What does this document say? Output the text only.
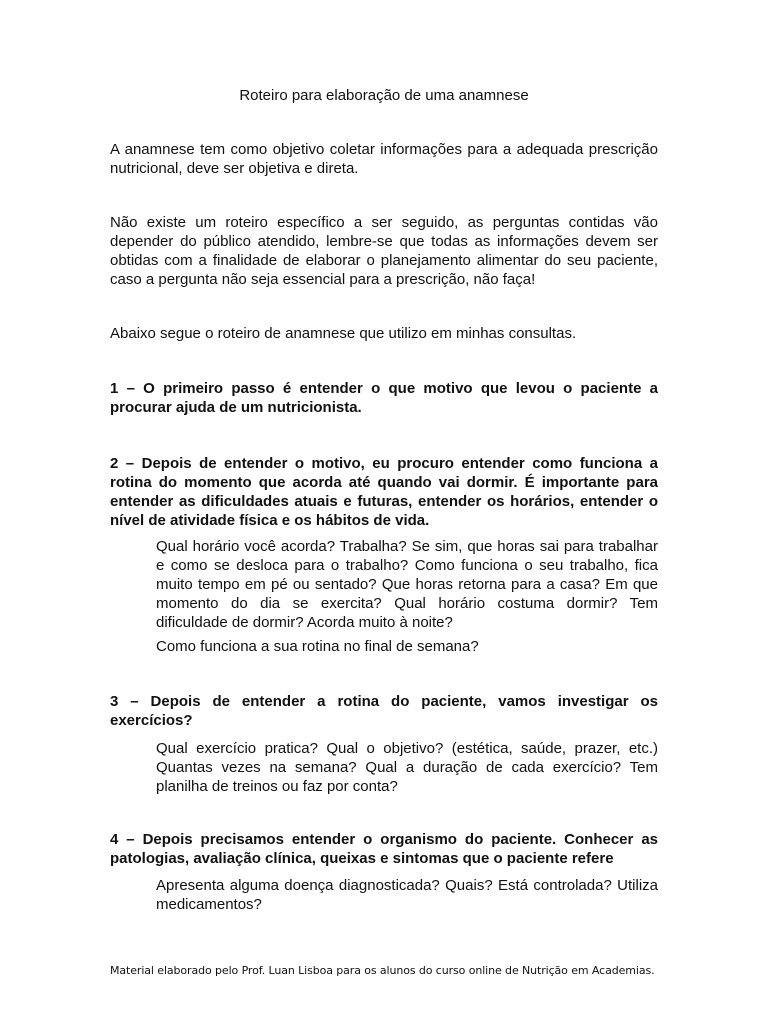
Roteiro para elaboração de uma anamnese

A anamnese tem como objetivo coletar informações para a adequada prescrição nutricional, deve ser objetiva e direta.

Não existe um roteiro específico a ser seguido, as perguntas contidas vão depender do público atendido, lembre-se que todas as informações devem ser obtidas com a finalidade de elaborar o planejamento alimentar do seu paciente, caso a pergunta não seja essencial para a prescrição, não faça!

Abaixo segue o roteiro de anamnese que utilizo em minhas consultas.

1 – O primeiro passo é entender o que motivo que levou o paciente a procurar ajuda de um nutricionista.

2 – Depois de entender o motivo, eu procuro entender como funciona a rotina do momento que acorda até quando vai dormir. É importante para entender as dificuldades atuais e futuras, entender os horários, entender o nível de atividade física e os hábitos de vida.

Qual horário você acorda? Trabalha? Se sim, que horas sai para trabalhar e como se desloca para o trabalho? Como funciona o seu trabalho, fica muito tempo em pé ou sentado? Que horas retorna para a casa? Em que momento do dia se exercita? Qual horário costuma dormir? Tem dificuldade de dormir? Acorda muito à noite?

Como funciona a sua rotina no final de semana?

3 – Depois de entender a rotina do paciente, vamos investigar os exercícios?

Qual exercício pratica? Qual o objetivo? (estética, saúde, prazer, etc.) Quantas vezes na semana? Qual a duração de cada exercício? Tem planilha de treinos ou faz por conta?

4 – Depois precisamos entender o organismo do paciente. Conhecer as patologias, avaliação clínica, queixas e sintomas que o paciente refere

Apresenta alguma doença diagnosticada? Quais? Está controlada? Utiliza medicamentos?

Material elaborado pelo Prof. Luan Lisboa para os alunos do curso online de Nutrição em Academias.
